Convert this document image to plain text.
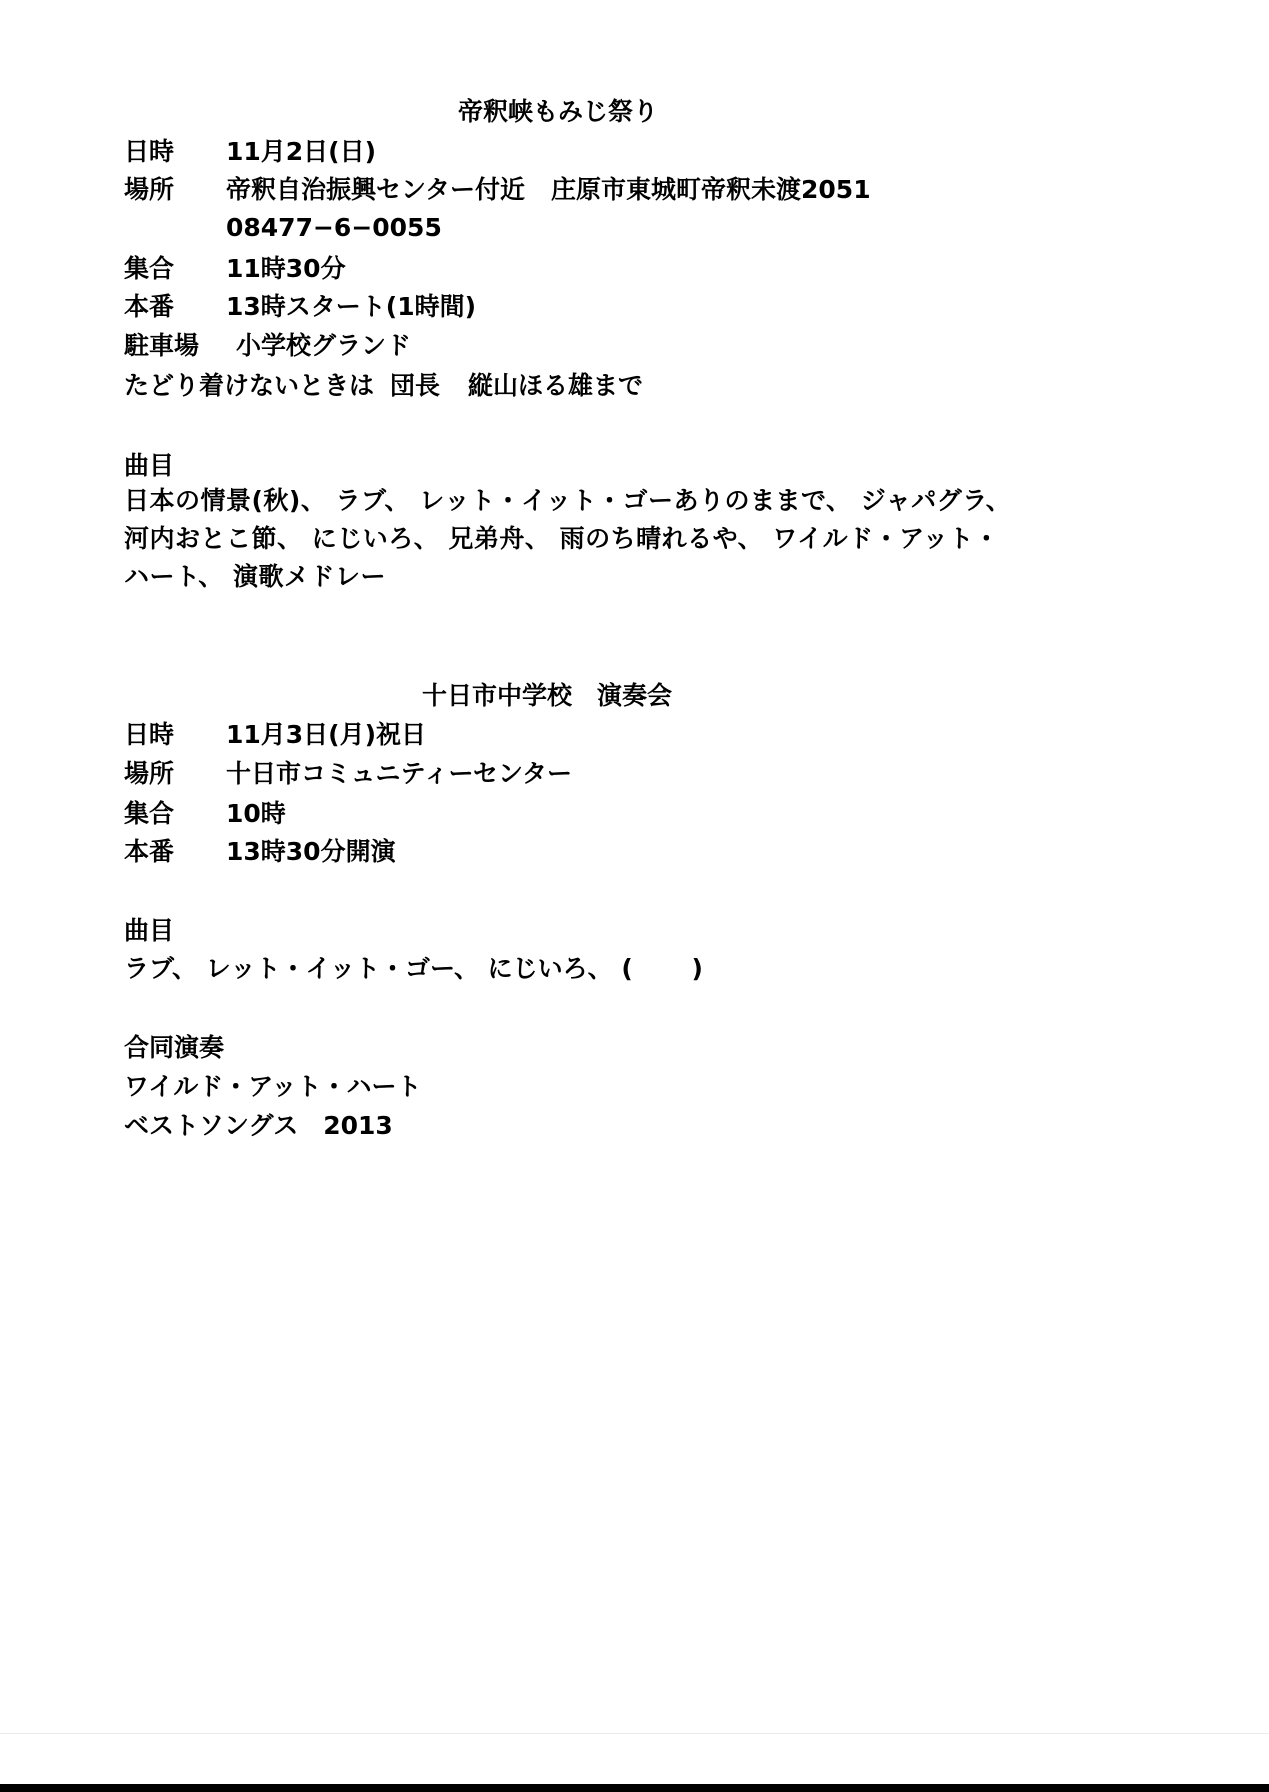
帝釈峡もみじ祭り
日時 11月2日(日)
場所 帝釈自治振興センター付近 庄原市東城町帝釈未渡2051
08477−6−0055
集合 11時30分
本番 13時スタート(1時間)
駐車場 小学校グランド
たどり着けないときは 団長 縦山ほる雄まで
曲目
日本の情景(秋)、 ラブ、 レット・イット・ゴーありのままで、 ジャパグラ、 河内おとこ節、 にじいろ、 兄弟舟、 雨のち晴れるや、 ワイルド・アット・ハート、 演歌メドレー
十日市中学校　演奏会
日時 11月3日(月)祝日
場所 十日市コミュニティーセンター
集合 10時
本番 13時30分開演
曲目
ラブ、 レット・イット・ゴー、 にじいろ、 (　　 )
合同演奏
ワイルド・アット・ハート
ベストソングス　2013
